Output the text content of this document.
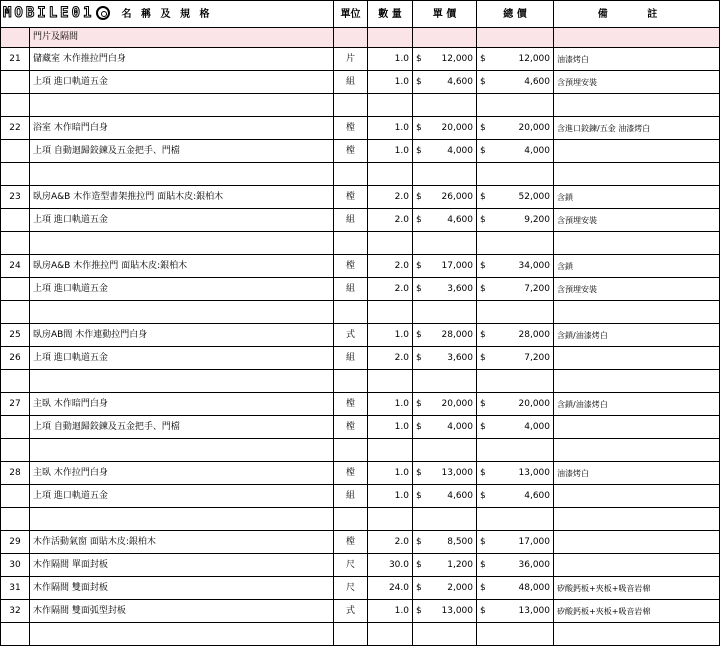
名 稱 及 規 格		單位	數 量	單 價	總 價	備 註
	門片及隔間					
21	儲藏室 木作推拉門白身	片	1.0	$ 12,000	$ 12,000	油漆烤白
	上項 進口軌道五金	組	1.0	$ 4,600	$ 4,600	含預埋安裝

22	浴室 木作暗門白身	樘	1.0	$ 20,000	$ 20,000	含進口鉸鍊/五金 油漆烤白
	上項 自動迴歸鉸鍊及五金把手、門檔	樘	1.0	$ 4,000	$ 4,000	

23	臥房A&B 木作造型書架推拉門 面貼木皮:銀柏木	樘	2.0	$ 26,000	$ 52,000	含鎖
	上項 進口軌道五金	組	2.0	$ 4,600	$ 9,200	含預埋安裝

24	臥房A&B 木作推拉門 面貼木皮:銀柏木	樘	2.0	$ 17,000	$ 34,000	含鎖
	上項 進口軌道五金	組	2.0	$ 3,600	$ 7,200	含預埋安裝

25	臥房AB間 木作連動拉門白身	式	1.0	$ 28,000	$ 28,000	含鎖/油漆烤白
26	上項 進口軌道五金	組	2.0	$ 3,600	$ 7,200	

27	主臥 木作暗門白身	樘	1.0	$ 20,000	$ 20,000	含鎖/油漆烤白
	上項 自動迴歸鉸鍊及五金把手、門檔	樘	1.0	$ 4,000	$ 4,000	

28	主臥 木作拉門白身	樘	1.0	$ 13,000	$ 13,000	油漆烤白
	上項 進口軌道五金	組	1.0	$ 4,600	$ 4,600	

29	木作活動氣窗 面貼木皮:銀柏木	樘	2.0	$ 8,500	$ 17,000	

30	木作隔間 單面封板	尺	30.0	$ 1,200	$ 36,000	

31	木作隔間 雙面封板	尺	24.0	$ 2,000	$ 48,000	矽酸鈣板+夾板+吸音岩棉
32	木作隔間 雙面弧型封板	式	1.0	$ 13,000	$ 13,000	矽酸鈣板+夾板+吸音岩棉

MOBILE01
